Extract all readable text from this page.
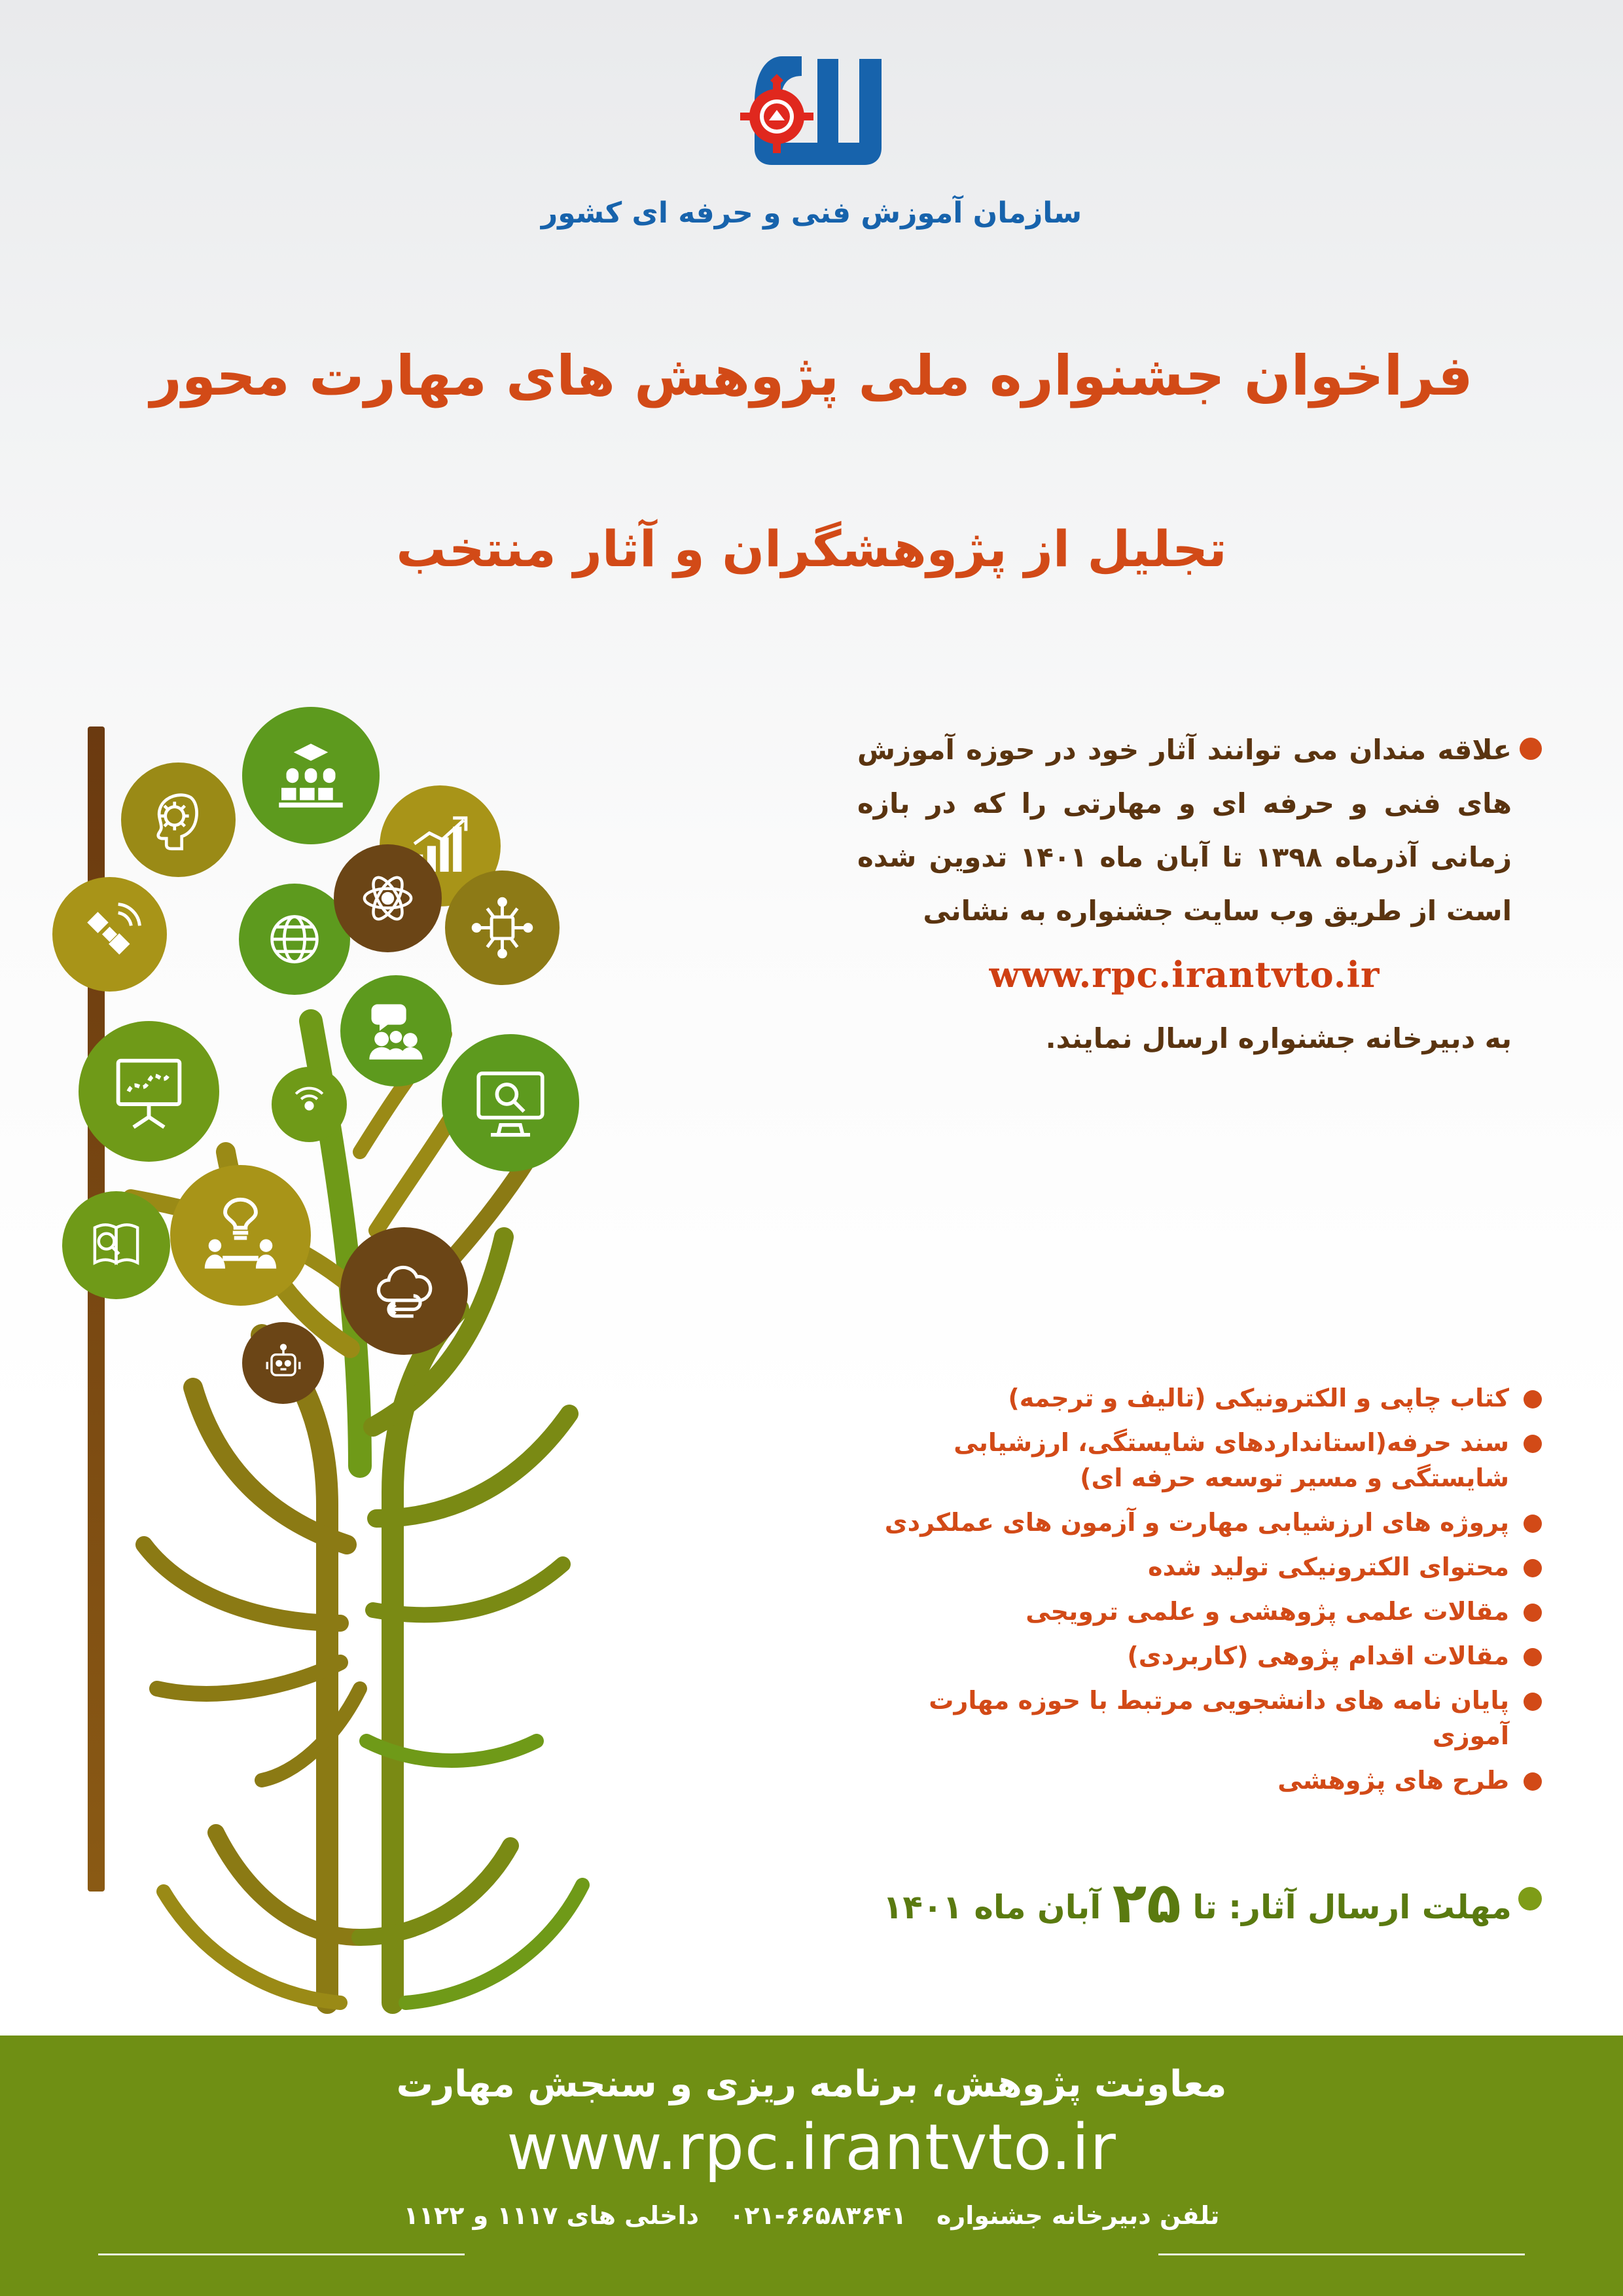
سازمان آموزش فنی و حرفه ای کشور
فراخوان جشنواره ملی پژوهش های مهارت محور
تجلیل از پژوهشگران و آثار منتخب
علاقه مندان می توانند آثار خود در حوزه آموزش های فنی و حرفه ای و مهارتی را که در بازه زمانی آذرماه ۱۳۹۸ تا آبان ماه ۱۴۰۱ تدوین شده است از طریق وب سایت جشنواره به نشانی
www.rpc.irantvto.ir
به دبیرخانه جشنواره ارسال نمایند.
کتاب چاپی و الکترونیکی (تالیف و ترجمه)
سند حرفه(استانداردهای شایستگی، ارزشیابی شایستگی و مسیر توسعه حرفه ای)
پروژه های ارزشیابی مهارت و آزمون های عملکردی
محتوای الکترونیکی تولید شده
مقالات علمی پژوهشی و علمی ترویجی
مقالات اقدام پژوهی (کاربردی)
پایان نامه های دانشجویی مرتبط با حوزه مهارت آموزی
طرح های پژوهشی
مهلت ارسال آثار: تا ۲۵ آبان ماه ۱۴۰۱
معاونت پژوهش، برنامه ریزی و سنجش مهارت
www.rpc.irantvto.ir
تلفن دبیرخانه جشنواره
۰۲۱-۶۶۵۸۳۶۴۱
داخلی های ۱۱۱۷ و ۱۱۲۲
